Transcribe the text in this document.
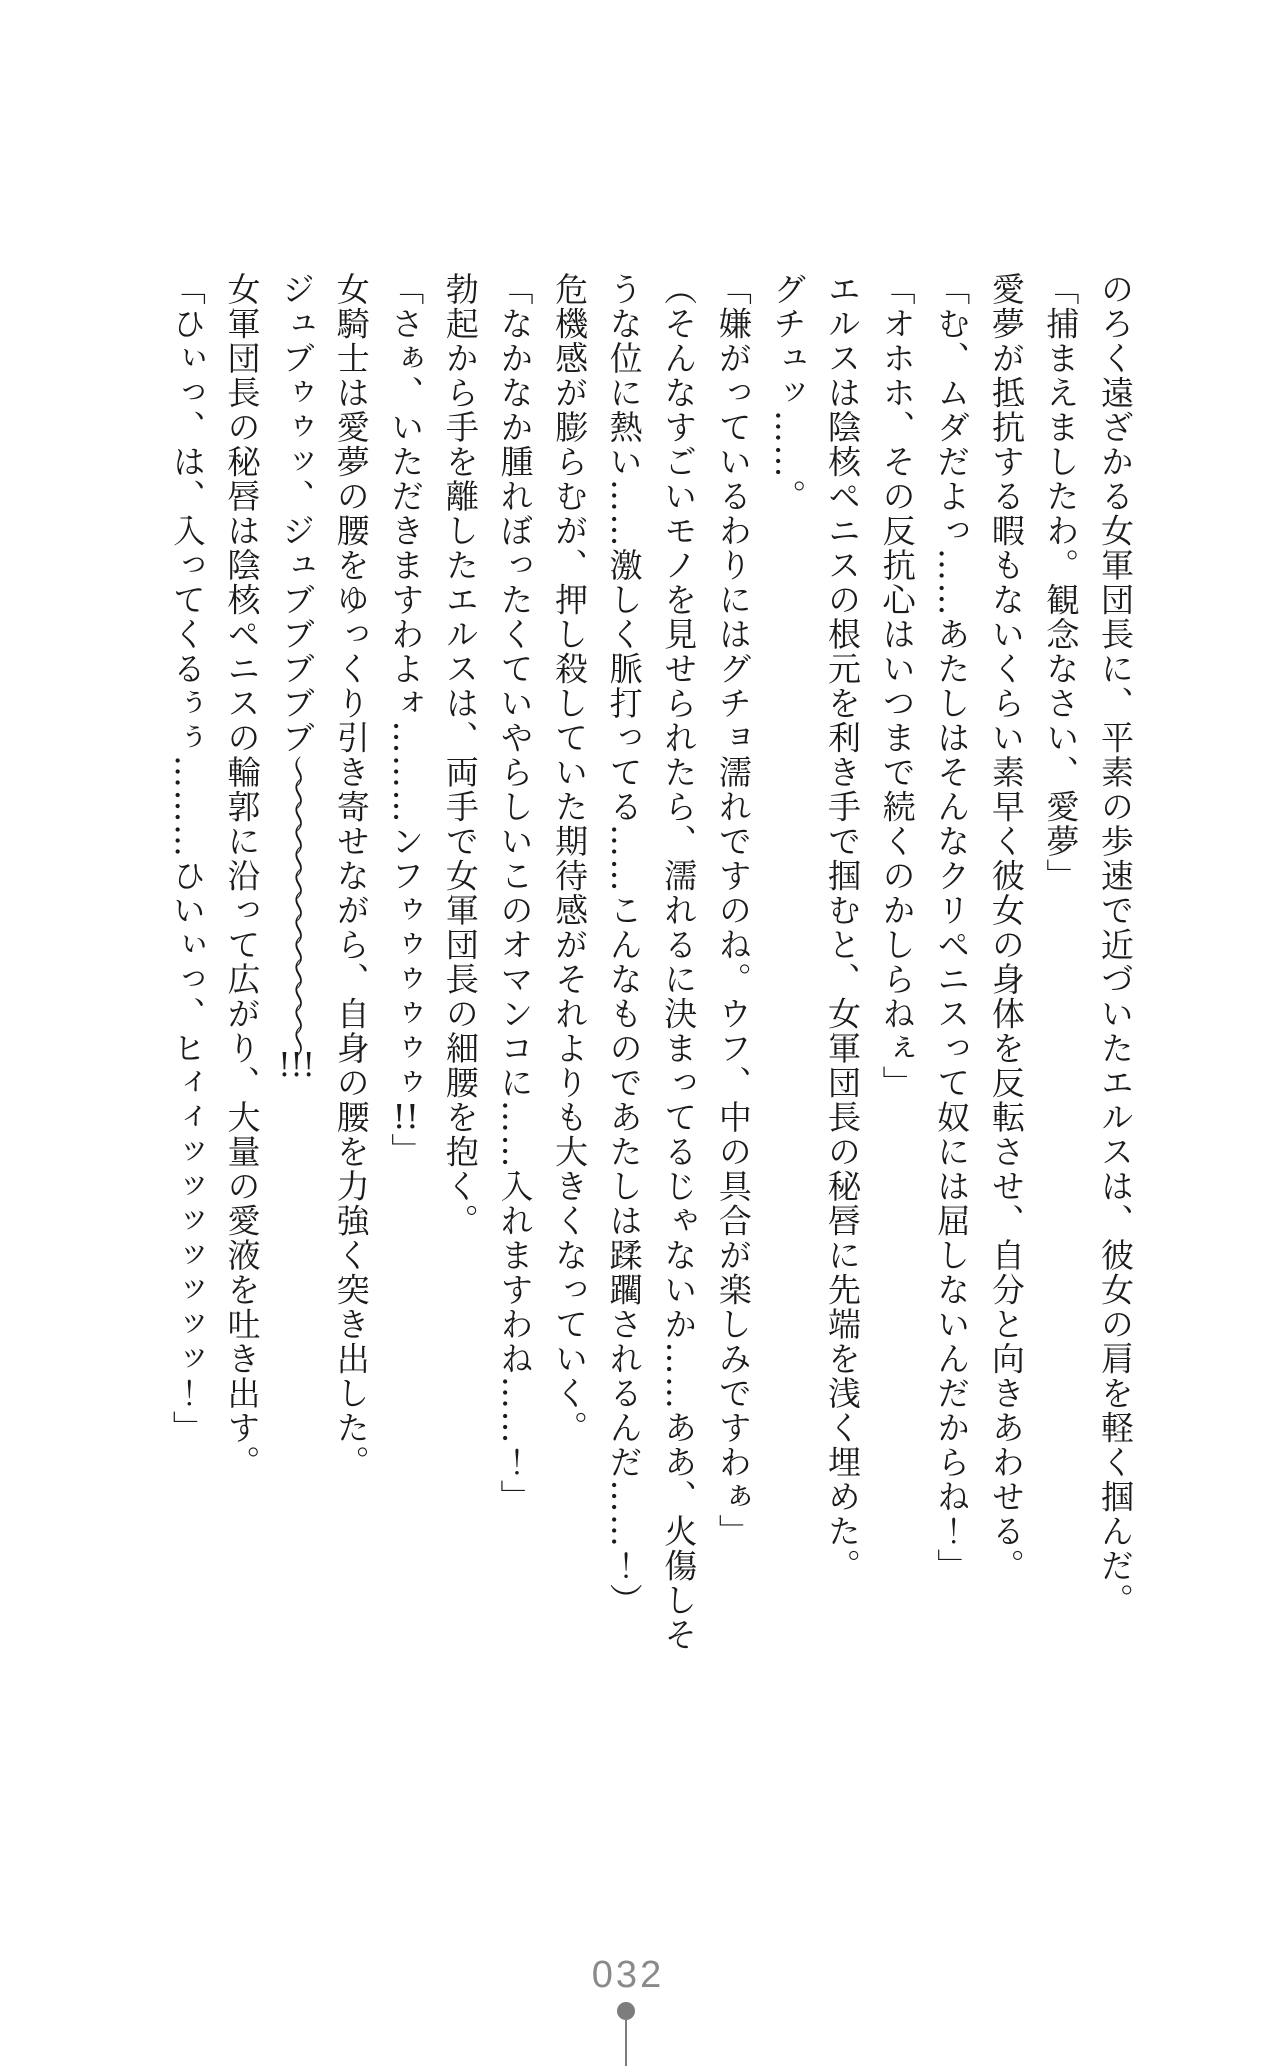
のろく遠ざかる女軍団長に、平素の歩速で近づいたエルスは、彼女の肩を軽く掴んだ。

「捕まえましたわ。観念なさい、愛夢」

愛夢が抵抗する暇もないくらい素早く彼女の身体を反転させ、自分と向きあわせる。

「む、ムダだよっ……あたしはそんなクリペニスって奴には屈しないんだからね！」

「オホホ、その反抗心はいつまで続くのかしらねぇ」

エルスは陰核ペニスの根元を利き手で掴むと、女軍団長の秘唇に先端を浅く埋めた。

グチュッ……。

「嫌がっているわりにはグチョ濡れですのね。ウフ、中の具合が楽しみですわぁ」

（そんなすごいモノを見せられたら、濡れるに決まってるじゃないか……ああ、火傷しそ

うな位に熱い……激しく脈打ってる……こんなものであたしは蹂躙されるんだ……！）

危機感が膨らむが、押し殺していた期待感がそれよりも大きくなっていく。

「なかなか腫れぼったくていやらしいこのオマンコに……入れますわね……！」

勃起から手を離したエルスは、両手で女軍団長の細腰を抱く。

「さぁ、いただきますわよォ………ンフゥゥゥゥゥゥ!!」

女騎士は愛夢の腰をゆっくり引き寄せながら、自身の腰を力強く突き出した。

ジュブゥゥッ、ジュブブブブブ〜〜〜〜〜〜〜〜〜〜〜〜〜!!!

女軍団長の秘唇は陰核ペニスの輪郭に沿って広がり、大量の愛液を吐き出す。

「ひぃっ、は、入ってくるぅぅ………ひいぃっ、ヒィィッッッッッッッ！」

032
